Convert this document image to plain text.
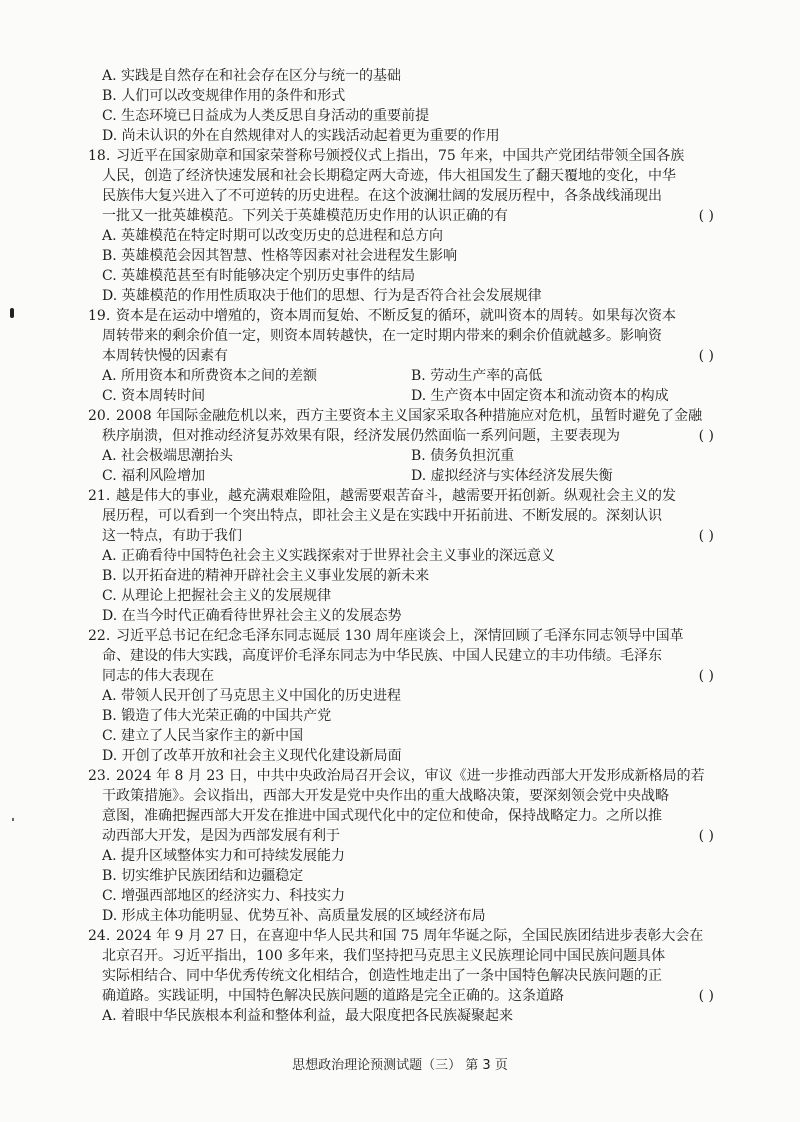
A. 实践是自然存在和社会存在区分与统一的基础
B. 人们可以改变规律作用的条件和形式
C. 生态环境已日益成为人类反思自身活动的重要前提
D. 尚未认识的外在自然规律对人的实践活动起着更为重要的作用
18. 习近平在国家勋章和国家荣誉称号颁授仪式上指出，75 年来，中国共产党团结带领全国各族
人民，创造了经济快速发展和社会长期稳定两大奇迹，伟大祖国发生了翻天覆地的变化，中华
民族伟大复兴进入了不可逆转的历史进程。在这个波澜壮阔的发展历程中，各条战线涌现出
一批又一批英雄模范。下列关于英雄模范历史作用的认识正确的有	( )
A. 英雄模范在特定时期可以改变历史的总进程和总方向
B. 英雄模范会因其智慧、性格等因素对社会进程发生影响
C. 英雄模范甚至有时能够决定个别历史事件的结局
D. 英雄模范的作用性质取决于他们的思想、行为是否符合社会发展规律
19. 资本是在运动中增殖的，资本周而复始、不断反复的循环，就叫资本的周转。如果每次资本
周转带来的剩余价值一定，则资本周转越快，在一定时期内带来的剩余价值就越多。影响资
本周转快慢的因素有	( )
A. 所用资本和所费资本之间的差额	B. 劳动生产率的高低
C. 资本周转时间	D. 生产资本中固定资本和流动资本的构成
20. 2008 年国际金融危机以来，西方主要资本主义国家采取各种措施应对危机，虽暂时避免了金融
秩序崩溃，但对推动经济复苏效果有限，经济发展仍然面临一系列问题，主要表现为	( )
A. 社会极端思潮抬头	B. 债务负担沉重
C. 福利风险增加	D. 虚拟经济与实体经济发展失衡
21. 越是伟大的事业，越充满艰难险阻，越需要艰苦奋斗，越需要开拓创新。纵观社会主义的发
展历程，可以看到一个突出特点，即社会主义是在实践中开拓前进、不断发展的。深刻认识
这一特点，有助于我们	( )
A. 正确看待中国特色社会主义实践探索对于世界社会主义事业的深远意义
B. 以开拓奋进的精神开辟社会主义事业发展的新未来
C. 从理论上把握社会主义的发展规律
D. 在当今时代正确看待世界社会主义的发展态势
22. 习近平总书记在纪念毛泽东同志诞辰 130 周年座谈会上，深情回顾了毛泽东同志领导中国革
命、建设的伟大实践，高度评价毛泽东同志为中华民族、中国人民建立的丰功伟绩。毛泽东
同志的伟大表现在	( )
A. 带领人民开创了马克思主义中国化的历史进程
B. 锻造了伟大光荣正确的中国共产党
C. 建立了人民当家作主的新中国
D. 开创了改革开放和社会主义现代化建设新局面
23. 2024 年 8 月 23 日，中共中央政治局召开会议，审议《进一步推动西部大开发形成新格局的若
干政策措施》。会议指出，西部大开发是党中央作出的重大战略决策，要深刻领会党中央战略
意图，准确把握西部大开发在推进中国式现代化中的定位和使命，保持战略定力。之所以推
动西部大开发，是因为西部发展有利于	( )
A. 提升区域整体实力和可持续发展能力
B. 切实维护民族团结和边疆稳定
C. 增强西部地区的经济实力、科技实力
D. 形成主体功能明显、优势互补、高质量发展的区域经济布局
24. 2024 年 9 月 27 日，在喜迎中华人民共和国 75 周年华诞之际，全国民族团结进步表彰大会在
北京召开。习近平指出，100 多年来，我们坚持把马克思主义民族理论同中国民族问题具体
实际相结合、同中华优秀传统文化相结合，创造性地走出了一条中国特色解决民族问题的正
确道路。实践证明，中国特色解决民族问题的道路是完全正确的。这条道路	( )
A. 着眼中华民族根本利益和整体利益，最大限度把各民族凝聚起来
思想政治理论预测试题（三） 第 3 页
